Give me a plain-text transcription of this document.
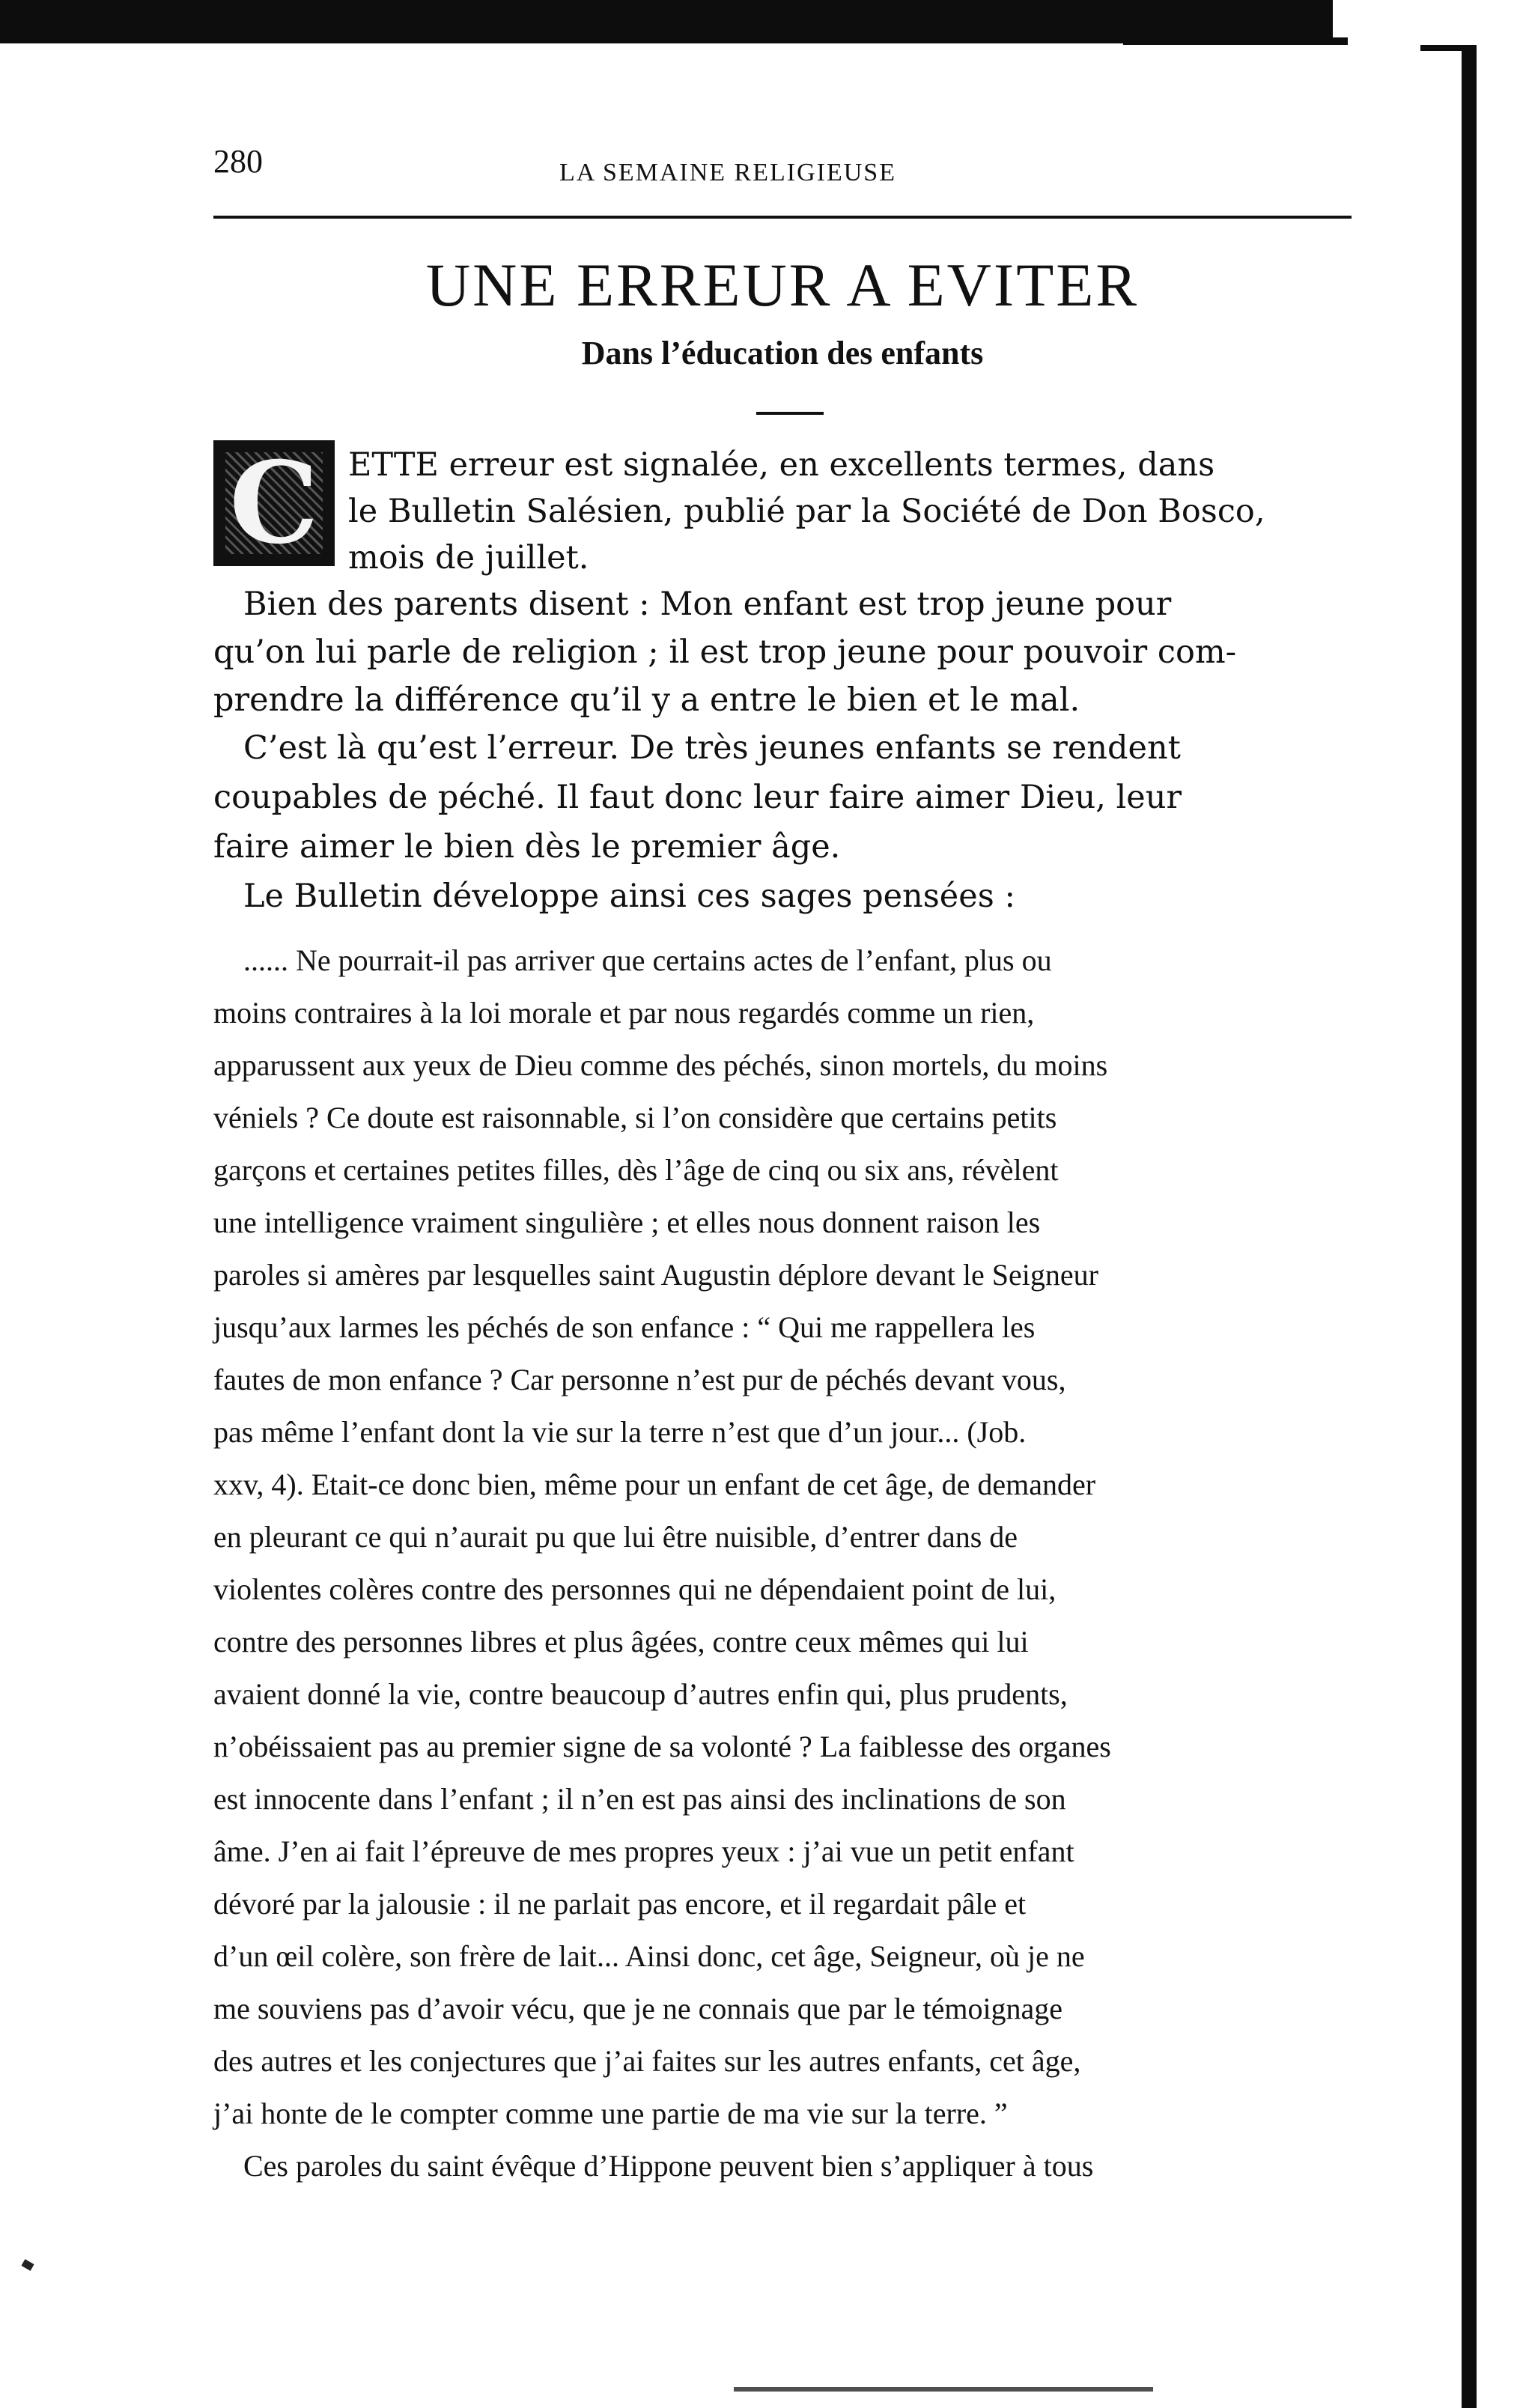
280	LA SEMAINE RELIGIEUSE
UNE ERREUR A EVITER
Dans l’éducation des enfants
C ETTE erreur est signalée, en excellents termes, dans
le Bulletin Salésien, publié par la Société de Don Bosco,
mois de juillet.
Bien des parents disent : Mon enfant est trop jeune pour
qu’on lui parle de religion ; il est trop jeune pour pouvoir com-
prendre la différence qu’il y a entre le bien et le mal.
C’est là qu’est l’erreur. De très jeunes enfants se rendent
coupables de péché. Il faut donc leur faire aimer Dieu, leur
faire aimer le bien dès le premier âge.
Le Bulletin développe ainsi ces sages pensées :
...... Ne pourrait-il pas arriver que certains actes de l’enfant, plus ou
moins contraires à la loi morale et par nous regardés comme un rien,
apparussent aux yeux de Dieu comme des péchés, sinon mortels, du moins
véniels ? Ce doute est raisonnable, si l’on considère que certains petits
garçons et certaines petites filles, dès l’âge de cinq ou six ans, révèlent
une intelligence vraiment singulière ; et elles nous donnent raison les
paroles si amères par lesquelles saint Augustin déplore devant le Seigneur
jusqu’aux larmes les péchés de son enfance : “ Qui me rappellera les
fautes de mon enfance ? Car personne n’est pur de péchés devant vous,
pas même l’enfant dont la vie sur la terre n’est que d’un jour... (Job.
xxv, 4). Etait-ce donc bien, même pour un enfant de cet âge, de demander
en pleurant ce qui n’aurait pu que lui être nuisible, d’entrer dans de
violentes colères contre des personnes qui ne dépendaient point de lui,
contre des personnes libres et plus âgées, contre ceux mêmes qui lui
avaient donné la vie, contre beaucoup d’autres enfin qui, plus prudents,
n’obéissaient pas au premier signe de sa volonté ? La faiblesse des organes
est innocente dans l’enfant ; il n’en est pas ainsi des inclinations de son
âme. J’en ai fait l’épreuve de mes propres yeux : j’ai vue un petit enfant
dévoré par la jalousie : il ne parlait pas encore, et il regardait pâle et
d’un œil colère, son frère de lait... Ainsi donc, cet âge, Seigneur, où je ne
me souviens pas d’avoir vécu, que je ne connais que par le témoignage
des autres et les conjectures que j’ai faites sur les autres enfants, cet âge,
j’ai honte de le compter comme une partie de ma vie sur la terre. ”
Ces paroles du saint évêque d’Hippone peuvent bien s’appliquer à tous
